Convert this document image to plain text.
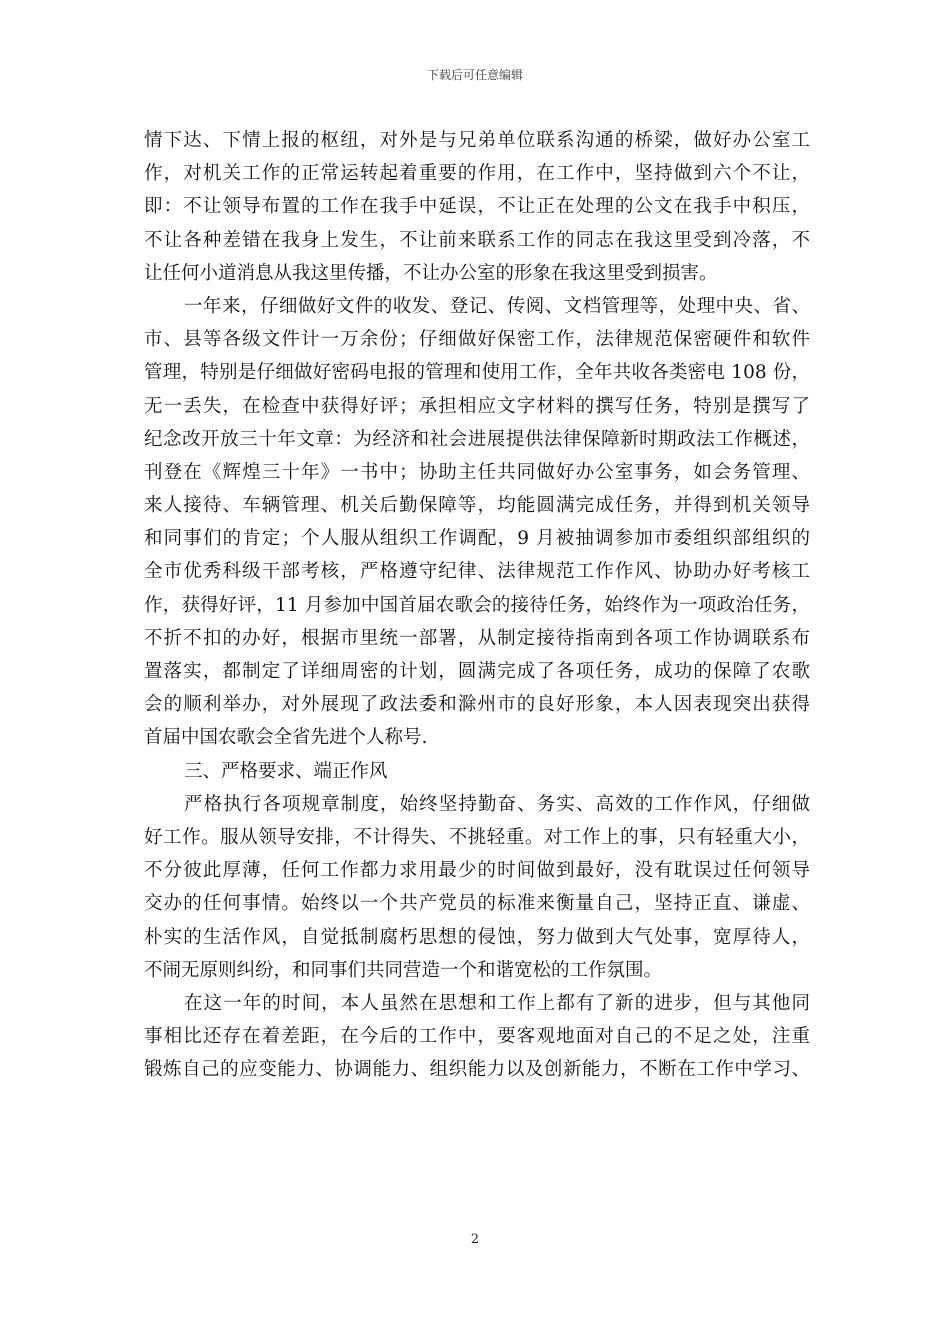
下载后可任意编辑
情下达、下情上报的枢纽，对外是与兄弟单位联系沟通的桥梁，做好办公室工
作，对机关工作的正常运转起着重要的作用，在工作中，坚持做到六个不让，
即：不让领导布置的工作在我手中延误，不让正在处理的公文在我手中积压，
不让各种差错在我身上发生，不让前来联系工作的同志在我这里受到冷落，不
让任何小道消息从我这里传播，不让办公室的形象在我这里受到损害。
一年来，仔细做好文件的收发、登记、传阅、文档管理等，处理中央、省、
市、县等各级文件计一万余份；仔细做好保密工作，法律规范保密硬件和软件
管理，特别是仔细做好密码电报的管理和使用工作，全年共收各类密电 108 份，
无一丢失，在检查中获得好评；承担相应文字材料的撰写任务，特别是撰写了
纪念改开放三十年文章：为经济和社会进展提供法律保障新时期政法工作概述，
刊登在《辉煌三十年》一书中；协助主任共同做好办公室事务，如会务管理、
来人接待、车辆管理、机关后勤保障等，均能圆满完成任务，并得到机关领导
和同事们的肯定；个人服从组织工作调配，9 月被抽调参加市委组织部组织的
全市优秀科级干部考核，严格遵守纪律、法律规范工作作风、协助办好考核工
作，获得好评，11 月参加中国首届农歌会的接待任务，始终作为一项政治任务，
不折不扣的办好，根据市里统一部署，从制定接待指南到各项工作协调联系布
置落实，都制定了详细周密的计划，圆满完成了各项任务，成功的保障了农歌
会的顺利举办，对外展现了政法委和滁州市的良好形象，本人因表现突出获得
首届中国农歌会全省先进个人称号.
三、严格要求、端正作风
严格执行各项规章制度，始终坚持勤奋、务实、高效的工作作风，仔细做
好工作。服从领导安排，不计得失、不挑轻重。对工作上的事，只有轻重大小，
不分彼此厚薄，任何工作都力求用最少的时间做到最好，没有耽误过任何领导
交办的任何事情。始终以一个共产党员的标准来衡量自己，坚持正直、谦虚、
朴实的生活作风，自觉抵制腐朽思想的侵蚀，努力做到大气处事，宽厚待人，
不闹无原则纠纷，和同事们共同营造一个和谐宽松的工作氛围。
在这一年的时间，本人虽然在思想和工作上都有了新的进步，但与其他同
事相比还存在着差距，在今后的工作中，要客观地面对自己的不足之处，注重
锻炼自己的应变能力、协调能力、组织能力以及创新能力，不断在工作中学习、
2
